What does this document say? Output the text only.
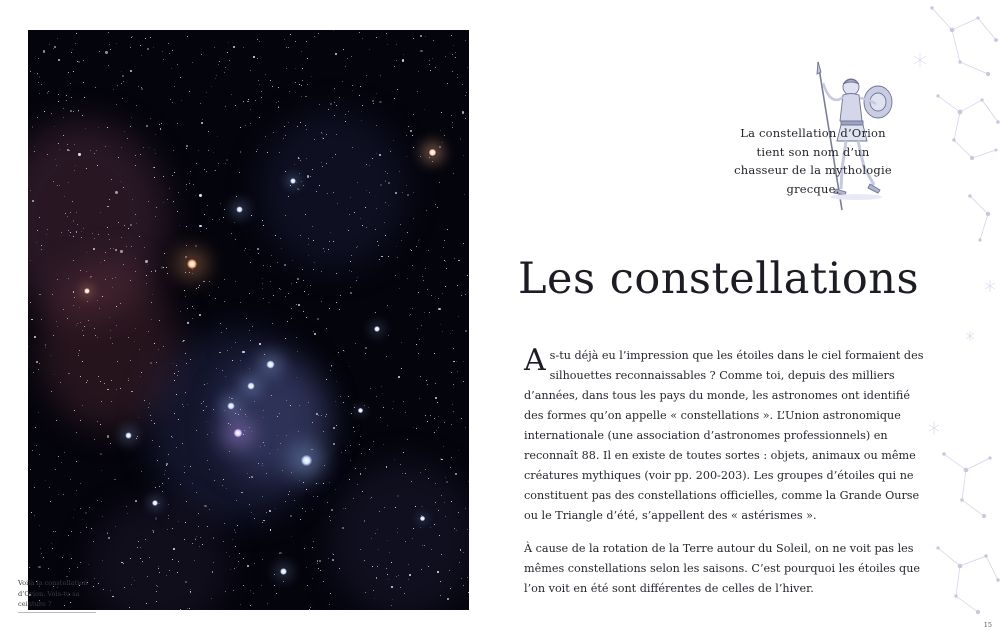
Voilà la constellation d’Orion. Vois-tu sa ceinture ?
La constellation d’Orion tient son nom d’un chasseur de la mythologie grecque.
Les constellations

As-tu déjà eu l’impression que les étoiles dans le ciel formaient des silhouettes reconnaissables ? Comme toi, depuis des milliers d’années, dans tous les pays du monde, les astronomes ont identifié des formes qu’on appelle « constellations ». L’Union astronomique internationale (une association d’astronomes professionnels) en reconnaît 88. Il en existe de toutes sortes : objets, animaux ou même créatures mythiques (voir pp. 200-203). Les groupes d’étoiles qui ne constituent pas des constellations officielles, comme la Grande Ourse ou le Triangle d’été, s’appellent des « astérismes ».

À cause de la rotation de la Terre autour du Soleil, on ne voit pas les mêmes constellations selon les saisons. C’est pourquoi les étoiles que l’on voit en été sont différentes de celles de l’hiver.

15
